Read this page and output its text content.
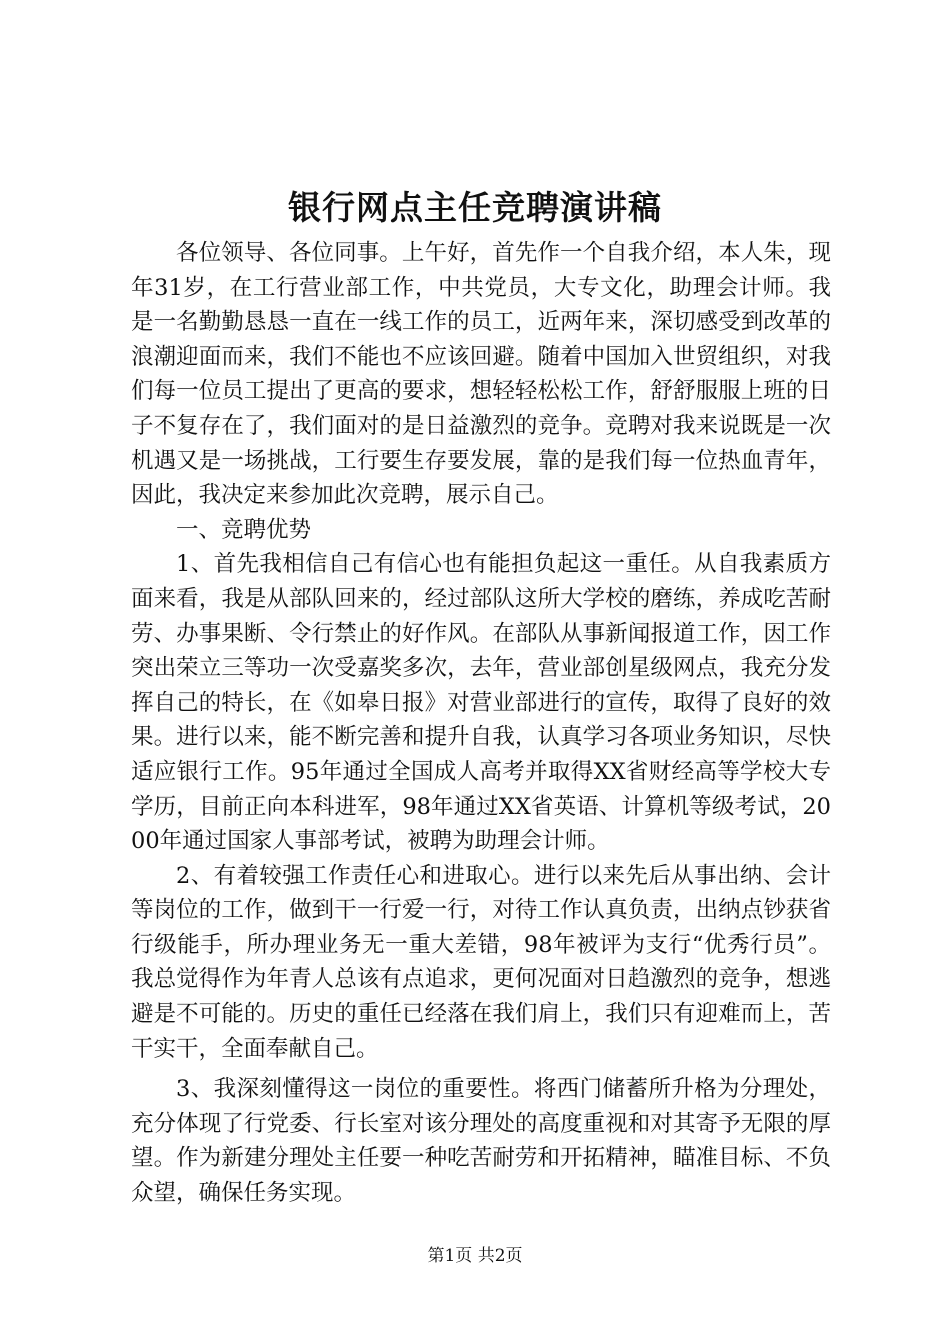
银行网点主任竞聘演讲稿

各位领导、各位同事。上午好，首先作一个自我介绍，本人朱，现年31岁，在工行营业部工作，中共党员，大专文化，助理会计师。我是一名勤勤恳恳一直在一线工作的员工，近两年来，深切感受到改革的浪潮迎面而来，我们不能也不应该回避。随着中国加入世贸组织，对我们每一位员工提出了更高的要求，想轻轻松松工作，舒舒服服上班的日子不复存在了，我们面对的是日益激烈的竞争。竞聘对我来说既是一次机遇又是一场挑战，工行要生存要发展，靠的是我们每一位热血青年，因此，我决定来参加此次竞聘，展示自己。

一、竞聘优势

1、首先我相信自己有信心也有能担负起这一重任。从自我素质方面来看，我是从部队回来的，经过部队这所大学校的磨练，养成吃苦耐劳、办事果断、令行禁止的好作风。在部队从事新闻报道工作，因工作突出荣立三等功一次受嘉奖多次，去年，营业部创星级网点，我充分发挥自己的特长，在《如皋日报》对营业部进行的宣传，取得了良好的效果。进行以来，能不断完善和提升自我，认真学习各项业务知识，尽快适应银行工作。95年通过全国成人高考并取得XX省财经高等学校大专学历，目前正向本科进军，98年通过XX省英语、计算机等级考试，2000年通过国家人事部考试，被聘为助理会计师。

2、有着较强工作责任心和进取心。进行以来先后从事出纳、会计等岗位的工作，做到干一行爱一行，对待工作认真负责，出纳点钞获省行级能手，所办理业务无一重大差错，98年被评为支行“优秀行员”。我总觉得作为年青人总该有点追求，更何况面对日趋激烈的竞争，想逃避是不可能的。历史的重任已经落在我们肩上，我们只有迎难而上，苦干实干，全面奉献自己。

3、我深刻懂得这一岗位的重要性。将西门储蓄所升格为分理处，充分体现了行党委、行长室对该分理处的高度重视和对其寄予无限的厚望。作为新建分理处主任要一种吃苦耐劳和开拓精神，瞄准目标、不负众望，确保任务实现。

第1页 共2页
